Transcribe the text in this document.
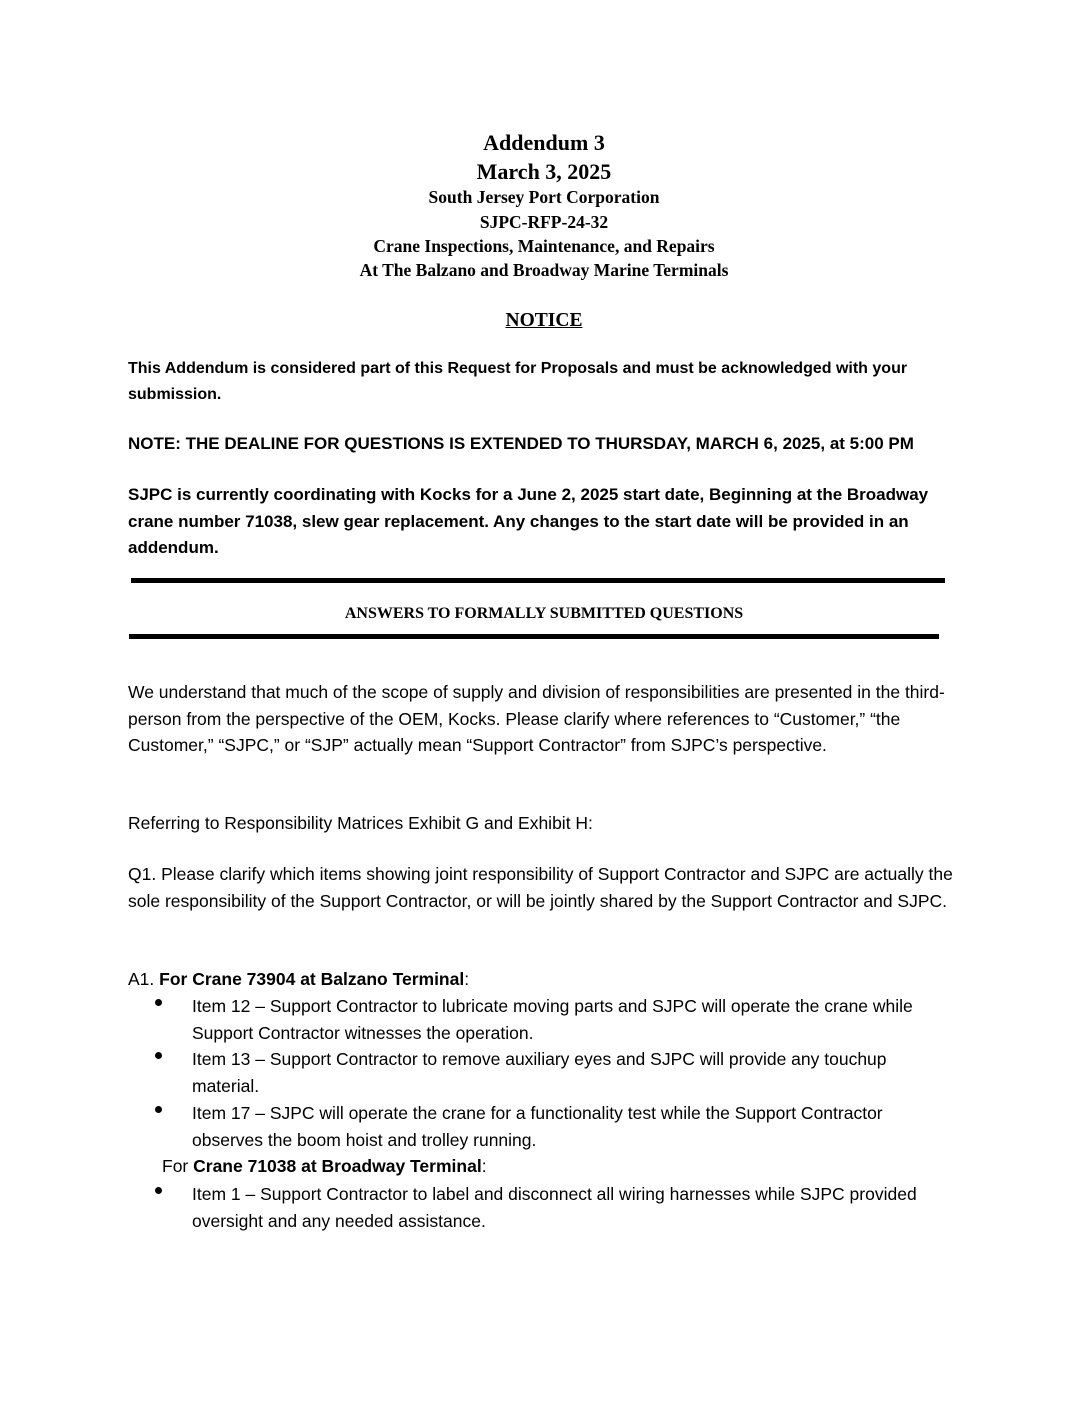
Addendum 3
March 3, 2025
South Jersey Port Corporation
SJPC-RFP-24-32
Crane Inspections, Maintenance, and Repairs
At The Balzano and Broadway Marine Terminals
NOTICE
This Addendum is considered part of this Request for Proposals and must be acknowledged with your submission.
NOTE: THE DEALINE FOR QUESTIONS IS EXTENDED TO THURSDAY, MARCH 6, 2025, at 5:00 PM
SJPC is currently coordinating with Kocks for a June 2, 2025 start date, Beginning at the Broadway crane number 71038, slew gear replacement. Any changes to the start date will be provided in an addendum.
ANSWERS TO FORMALLY SUBMITTED QUESTIONS
We understand that much of the scope of supply and division of responsibilities are presented in the third-person from the perspective of the OEM, Kocks. Please clarify where references to “Customer,” “the Customer,” “SJPC,” or “SJP” actually mean “Support Contractor” from SJPC’s perspective.
Referring to Responsibility Matrices Exhibit G and Exhibit H:
Q1. Please clarify which items showing joint responsibility of Support Contractor and SJPC are actually the sole responsibility of the Support Contractor, or will be jointly shared by the Support Contractor and SJPC.
A1. For Crane 73904 at Balzano Terminal:
Item 12 – Support Contractor to lubricate moving parts and SJPC will operate the crane while Support Contractor witnesses the operation.
Item 13 – Support Contractor to remove auxiliary eyes and SJPC will provide any touchup material.
Item 17 – SJPC will operate the crane for a functionality test while the Support Contractor observes the boom hoist and trolley running.
For Crane 71038 at Broadway Terminal:
Item 1 – Support Contractor to label and disconnect all wiring harnesses while SJPC provided oversight and any needed assistance.
